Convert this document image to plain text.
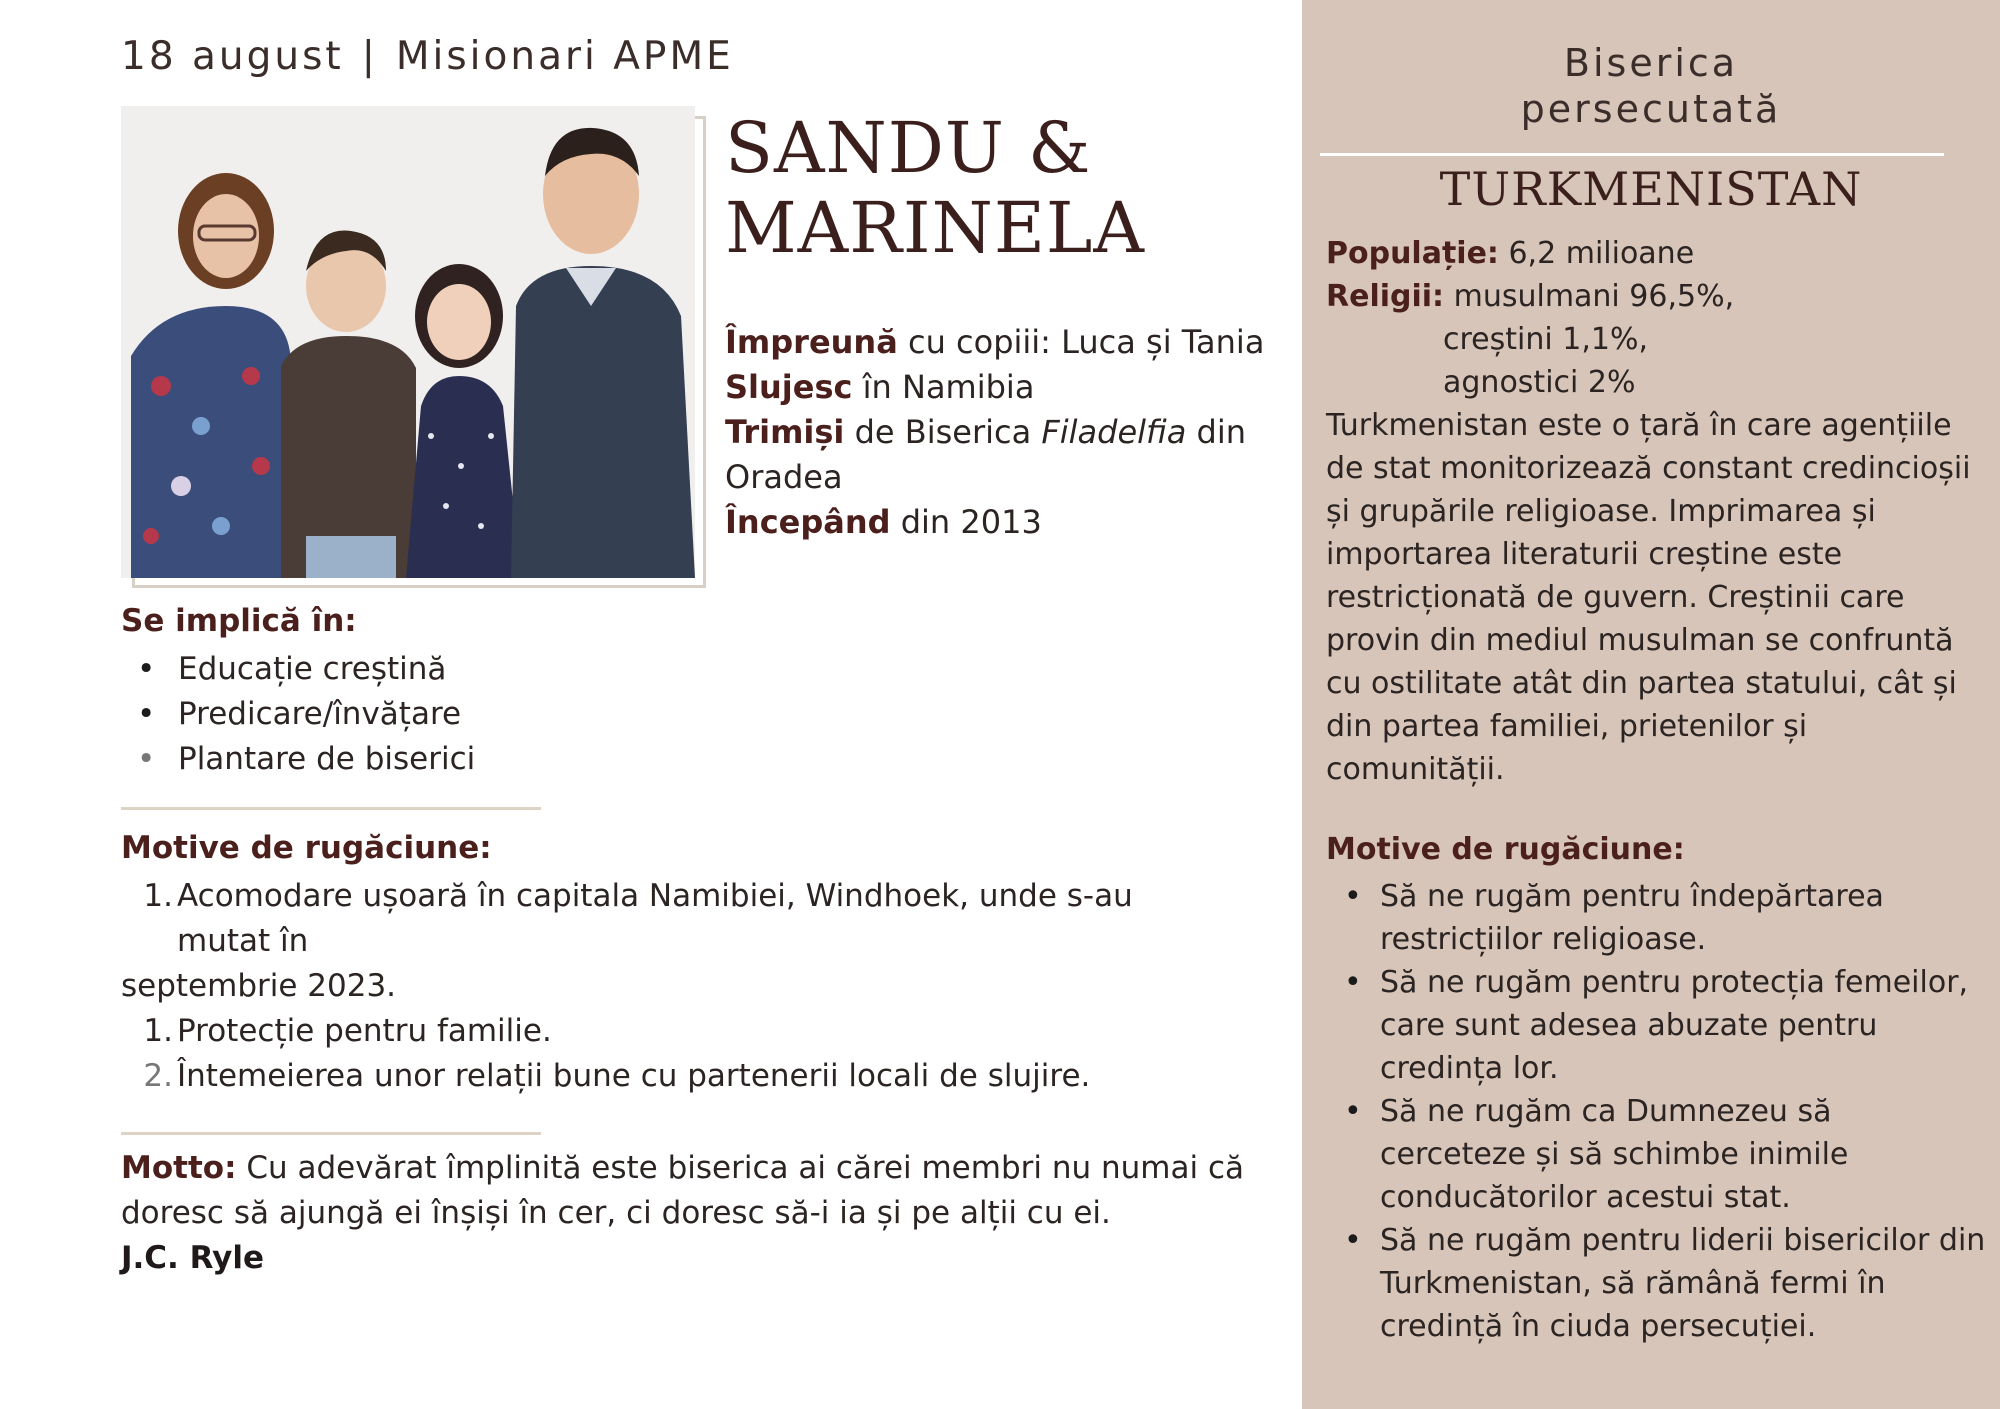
18 august | Misionari APME
SANDU &
MARINELA
Împreună cu copiii: Luca și Tania
Slujesc în Namibia
Trimiși de Biserica Filadelfia din
Oradea
Începând din 2013
Se implică în:
• Educație creștină
• Predicare/învățare
• Plantare de biserici
Motive de rugăciune:
1. Acomodare ușoară în capitala Namibiei, Windhoek, unde s-au
mutat în
septembrie 2023.
1. Protecție pentru familie.
2. Întemeierea unor relații bune cu partenerii locali de slujire.
Motto: Cu adevărat împlinită este biserica ai cărei membri nu numai că doresc să ajungă ei înșiși în cer, ci doresc să-i ia și pe alții cu ei.
J.C. Ryle
Biserica
persecutată
TURKMENISTAN
Populație: 6,2 milioane
Religii: musulmani 96,5%,
creștini 1,1%,
agnostici 2%
Turkmenistan este o țară în care agențiile de stat monitorizează constant credincioșii și grupările religioase. Imprimarea și importarea literaturii creștine este restricționată de guvern. Creștinii care provin din mediul musulman se confruntă cu ostilitate atât din partea statului, cât și din partea familiei, prietenilor și comunității.
Motive de rugăciune:
• Să ne rugăm pentru îndepărtarea restricțiilor religioase.
• Să ne rugăm pentru protecția femeilor, care sunt adesea abuzate pentru credința lor.
• Să ne rugăm ca Dumnezeu să cerceteze și să schimbe inimile conducătorilor acestui stat.
• Să ne rugăm pentru liderii bisericilor din Turkmenistan, să rămână fermi în credință în ciuda persecuției.
